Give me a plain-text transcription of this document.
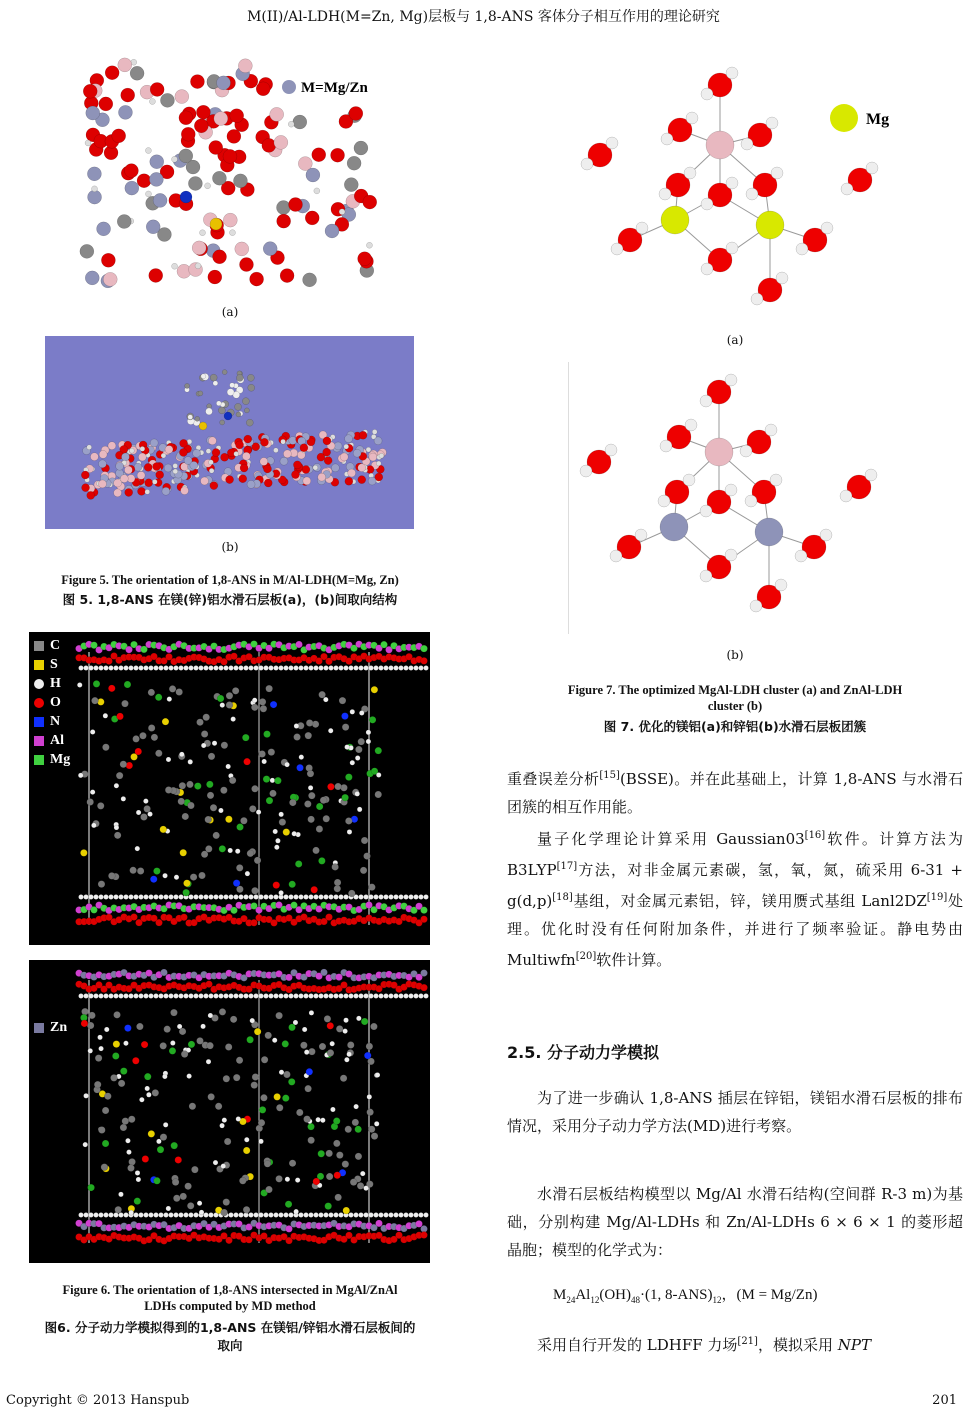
M(II)/Al-LDH(M=Zn, Mg)层板与 1,8-ANS 客体分子相互作用的理论研究
M=Mg/Zn
(a)
(b)
Figure 5. The orientation of 1,8-ANS in M/Al-LDH(M=Mg, Zn)
图 5. 1,8-ANS 在镁(锌)铝水滑石层板(a)，(b)间取向结构
C
S
H
O
N
Al
Mg
Zn
Figure 6. The orientation of 1,8-ANS intersected in MgAl/ZnAl
LDHs computed by MD method
图6. 分子动力学模拟得到的1,8-ANS 在镁铝/锌铝水滑石层板间的
取向
Mg
(a)
(b)
Figure 7. The optimized MgAl-LDH cluster (a) and ZnAl-LDH
cluster (b)
图 7. 优化的镁铝(a)和锌铝(b)水滑石层板团簇
重叠误差分析[15](BSSE)。并在此基础上，计算 1,8-ANS 与水滑石团簇的相互作用能。
量子化学理论计算采用 Gaussian03[16]软件。计算方法为 B3LYP[17]方法，对非金属元素碳，氢，氧，氮，硫采用 6-31 + g(d,p)[18]基组，对金属元素铝，锌，镁用赝式基组 Lanl2DZ[19]处理。优化时没有任何附加条件，并进行了频率验证。静电势由 Multiwfn[20]软件计算。
2.5. 分子动力学模拟
为了进一步确认 1,8-ANS 插层在锌铝，镁铝水滑石层板的排布情况，采用分子动力学方法(MD)进行考察。
水滑石层板结构模型以 Mg/Al 水滑石结构(空间群 R-3 m)为基础，分别构建 Mg/Al-LDHs 和 Zn/Al-LDHs 6 × 6 × 1 的菱形超晶胞；模型的化学式为：
$M_{24}Al_{12}(OH)_{48}\cdot(1$, $8-ANS)_{12}$，(M = Mg/Zn)
采用自行开发的 LDHFF 力场[21]，模拟采用 NPT
Copyright © 2013 Hanspub	201
